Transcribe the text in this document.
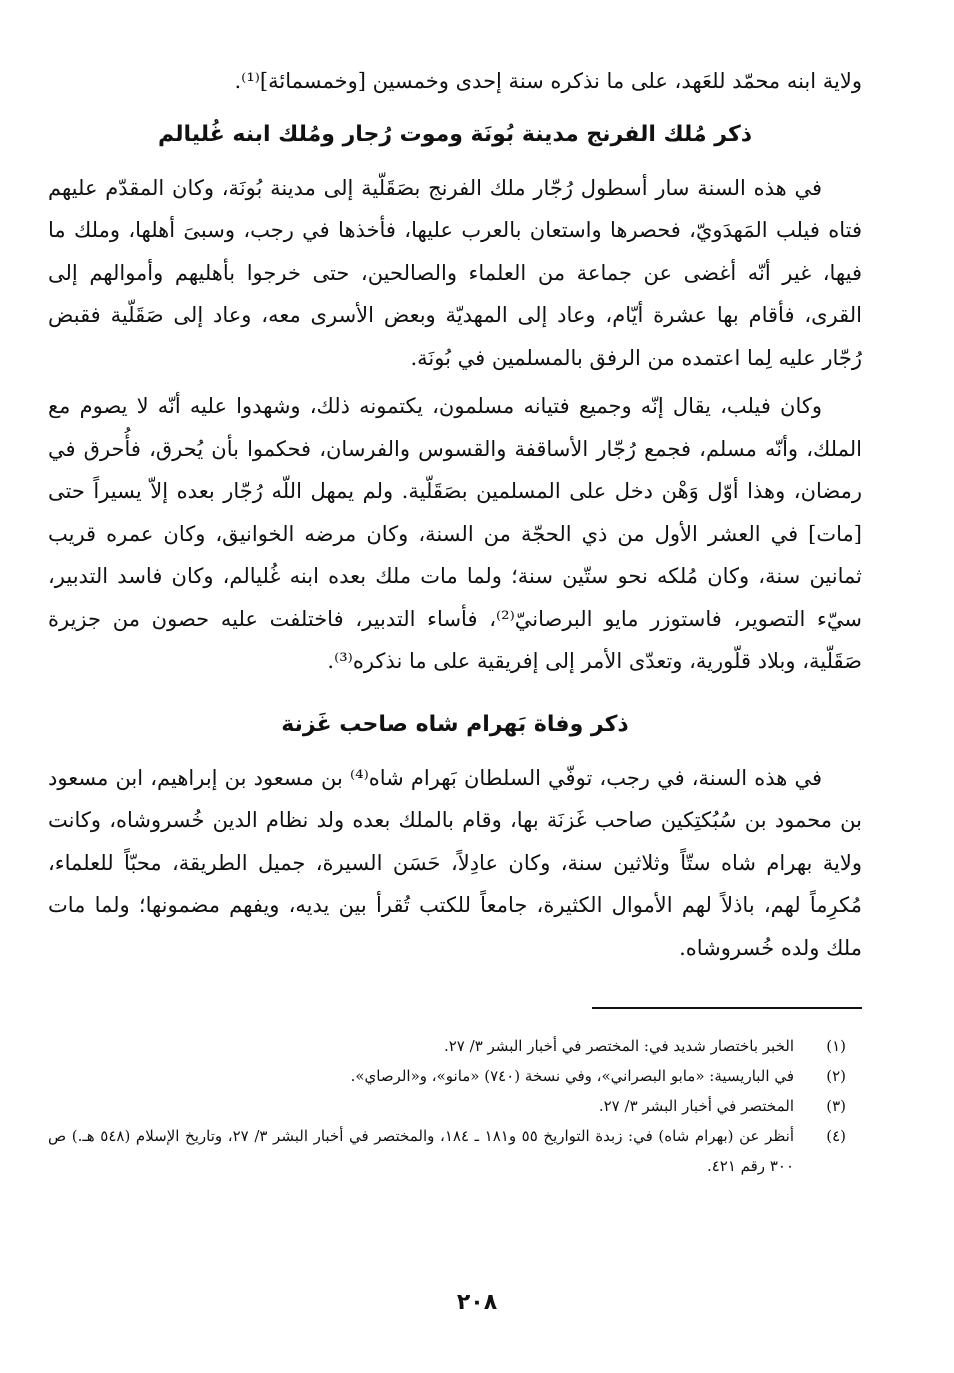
ولاية ابنه محمّد للعَهد، على ما نذكره سنة إحدى وخمسين [وخمسمائة]⁽¹⁾.

ذكر مُلك الفرنج مدينة بُونَة وموت رُجار ومُلك ابنه غُليالم

في هذه السنة سار أسطول رُجّار ملك الفرنج بصَقَلّية إلى مدينة بُونَة، وكان المقدّم عليهم فتاه فيلب المَهدَويّ، فحصرها واستعان بالعرب عليها، فأخذها في رجب، وسبىَ أهلها، وملك ما فيها، غير أنّه أغضى عن جماعة من العلماء والصالحين، حتى خرجوا بأهليهم وأموالهم إلى القرى، فأقام بها عشرة أيّام، وعاد إلى المهديّة وبعض الأسرى معه، وعاد إلى صَقَلّية فقبض رُجّار عليه لِما اعتمده من الرفق بالمسلمين في بُونَة.

وكان فيلب، يقال إنّه وجميع فتيانه مسلمون، يكتمونه ذلك، وشهدوا عليه أنّه لا يصوم مع الملك، وأنّه مسلم، فجمع رُجّار الأساقفة والقسوس والفرسان، فحكموا بأن يُحرق، فأُحرق في رمضان، وهذا أوّل وَهْن دخل على المسلمين بصَقَلّية. ولم يمهل اللّه رُجّار بعده إلاّ يسيراً حتى [مات] في العشر الأول من ذي الحجّة من السنة، وكان مرضه الخوانيق، وكان عمره قريب ثمانين سنة، وكان مُلكه نحو ستّين سنة؛ ولما مات ملك بعده ابنه غُليالم، وكان فاسد التدبير، سيّء التصوير، فاستوزر مايو البرصانيّ⁽²⁾، فأساء التدبير، فاختلفت عليه حصون من جزيرة صَقَلّية، وبلاد قلّورية، وتعدّى الأمر إلى إفريقية على ما نذكره⁽³⁾.

ذكر وفاة بَهرام شاه صاحب غَزنة

في هذه السنة، في رجب، توفّي السلطان بَهرام شاه⁽⁴⁾ بن مسعود بن إبراهيم، ابن مسعود بن محمود بن سُبُكتِكين صاحب غَزنَة بها، وقام بالملك بعده ولد نظام الدين خُسروشاه، وكانت ولاية بهرام شاه ستّاً وثلاثين سنة، وكان عادِلاً، حَسَن السيرة، جميل الطريقة، محبّاً للعلماء، مُكرِماً لهم، باذلاً لهم الأموال الكثيرة، جامعاً للكتب تُقرأ بين يديه، ويفهم مضمونها؛ ولما مات ملك ولده خُسروشاه.

(١)
الخبر باختصار شديد في: المختصر في أخبار البشر ٣/ ٢٧.
(٢)
في الباريسية: «مابو البصراني»، وفي نسخة (٧٤٠) «مانو»، و«الرصاي».
(٣)
المختصر في أخبار البشر ٣/ ٢٧.
(٤)
أنظر عن (بهرام شاه) في: زبدة التواريخ ٥٥ و١٨١ ـ ١٨٤، والمختصر في أخبار البشر ٣/ ٢٧، وتاريخ الإسلام (٥٤٨ هـ.) ص ٣٠٠ رقم ٤٢١.
٢٠٨
